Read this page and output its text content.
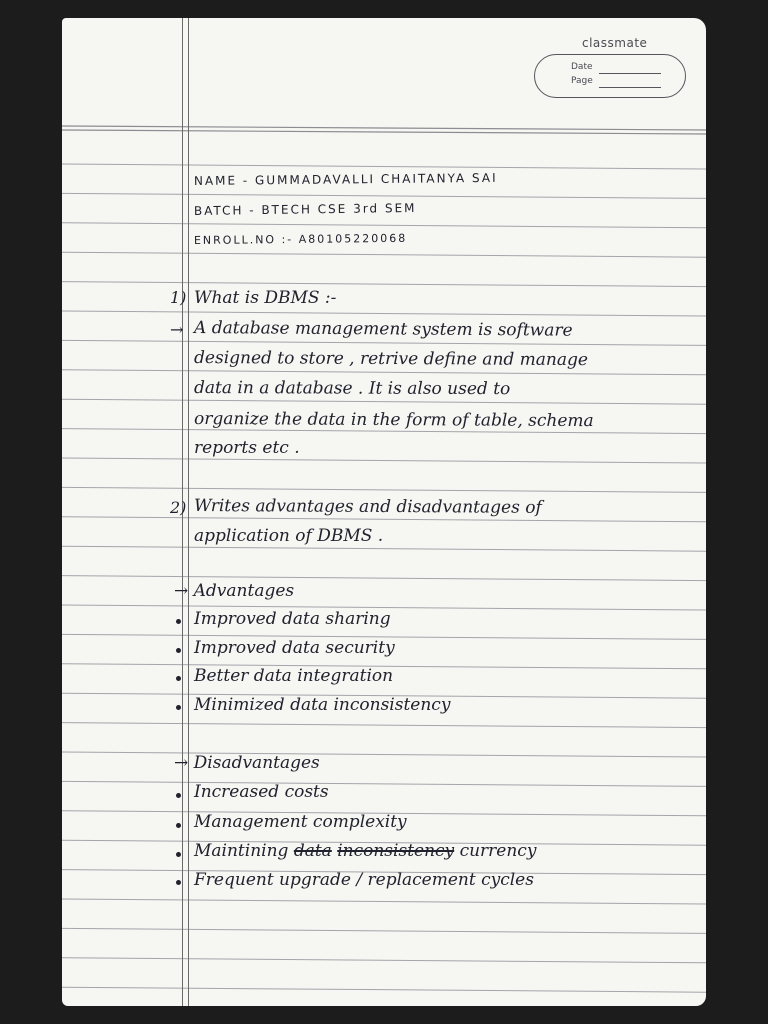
classmate
Date
Page
NAME - GUMMADAVALLI CHAITANYA SAI
BATCH - BTECH CSE 3rd SEM
ENROLL.NO :- A80105220068
1) What is DBMS :-
→ A database management system is software
designed to store , retrive define and manage
data in a database . It is also used to
organize the data in the form of table, schema
reports etc .
2) Writes advantages and disadvantages of
application of DBMS .
→ Advantages
Improved data sharing
Improved data security
Better data integration
Minimized data inconsistency
→ Disadvantages
Increased costs
Management complexity
Maintining data inconsistency currency
Frequent upgrade / replacement cycles
